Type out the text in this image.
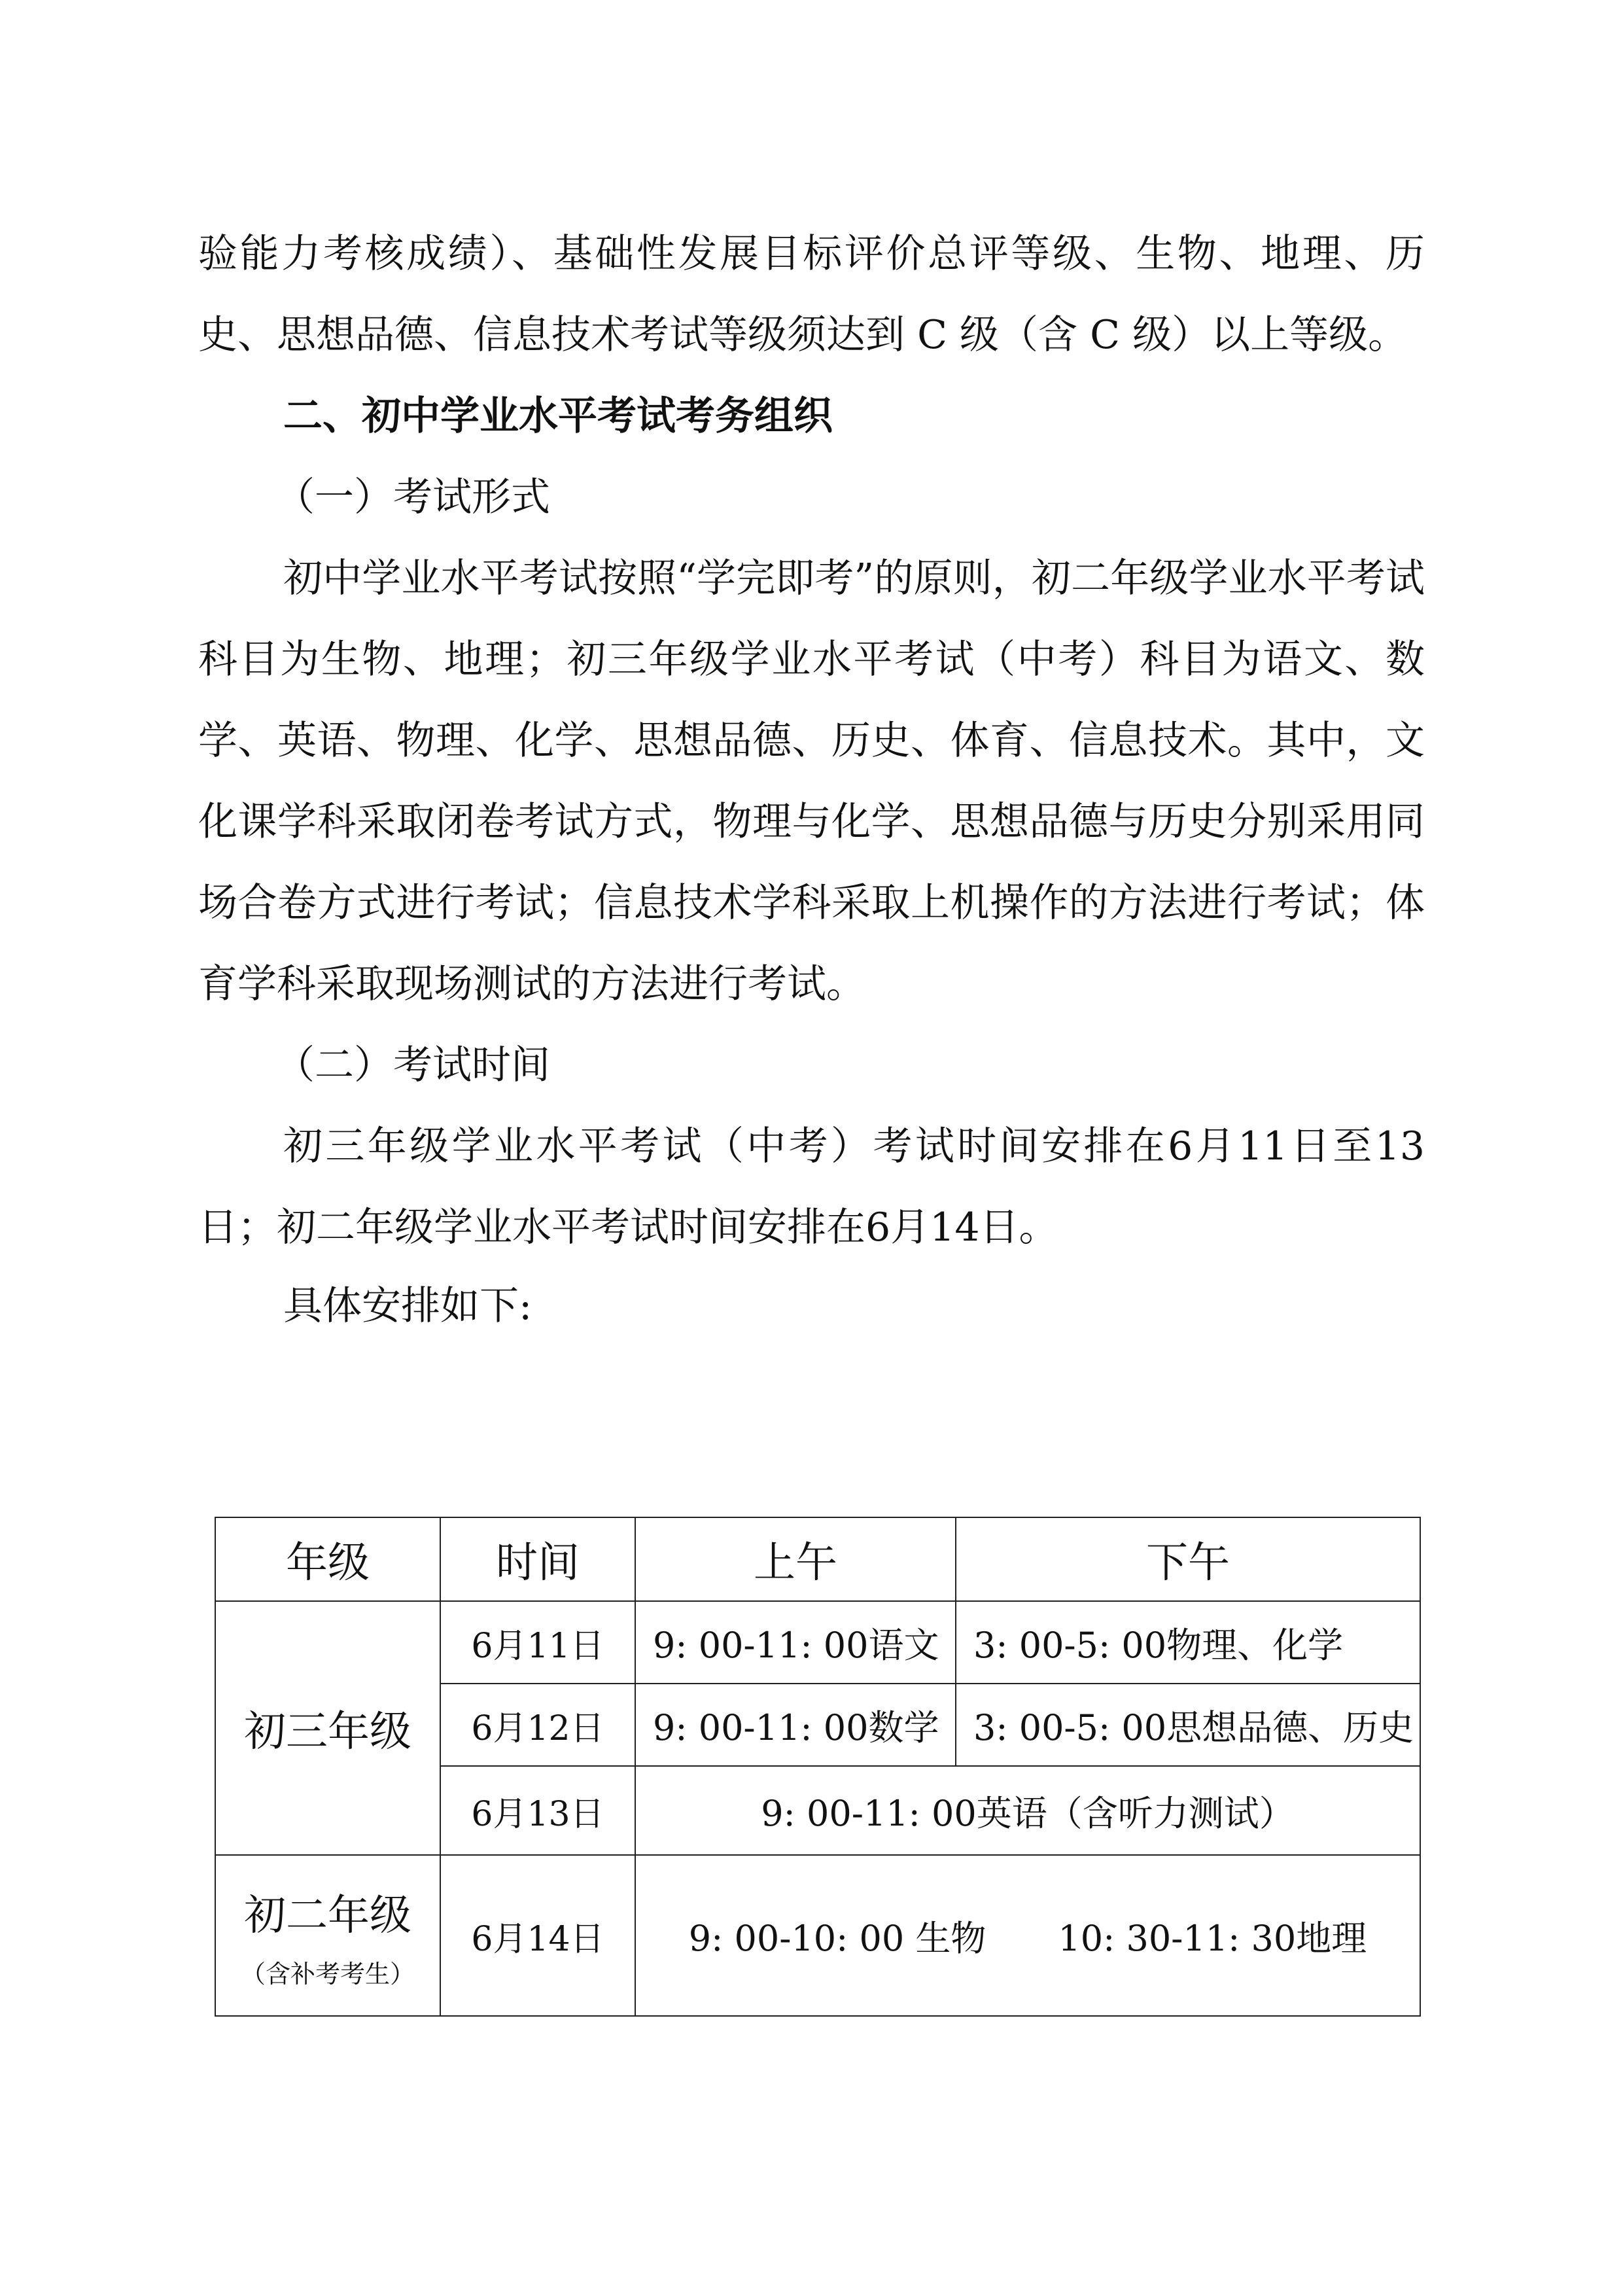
验能力考核成绩）、基础性发展目标评价总评等级、生物、地理、历史、思想品德、信息技术考试等级须达到 C 级（含 C 级）以上等级。

二、初中学业水平考试考务组织

（一）考试形式

初中学业水平考试按照“学完即考”的原则，初二年级学业水平考试科目为生物、地理；初三年级学业水平考试（中考）科目为语文、数学、英语、物理、化学、思想品德、历史、体育、信息技术。其中，文化课学科采取闭卷考试方式，物理与化学、思想品德与历史分别采用同场合卷方式进行考试；信息技术学科采取上机操作的方法进行考试；体育学科采取现场测试的方法进行考试。

（二）考试时间

初三年级学业水平考试（中考）考试时间安排在6月11日至13日；初二年级学业水平考试时间安排在6月14日。

具体安排如下:

年级	时间	上午	下午
初三年级	6月11日	9: 00-11: 00语文	3: 00-5: 00物理、化学
	6月12日	9: 00-11: 00数学	3: 00-5: 00思想品德、历史
	6月13日	9: 00-11: 00英语（含听力测试）	

初二年级
（含补考考生）	6月14日	9: 00-10: 00 生物 10: 30-11: 30地理	
